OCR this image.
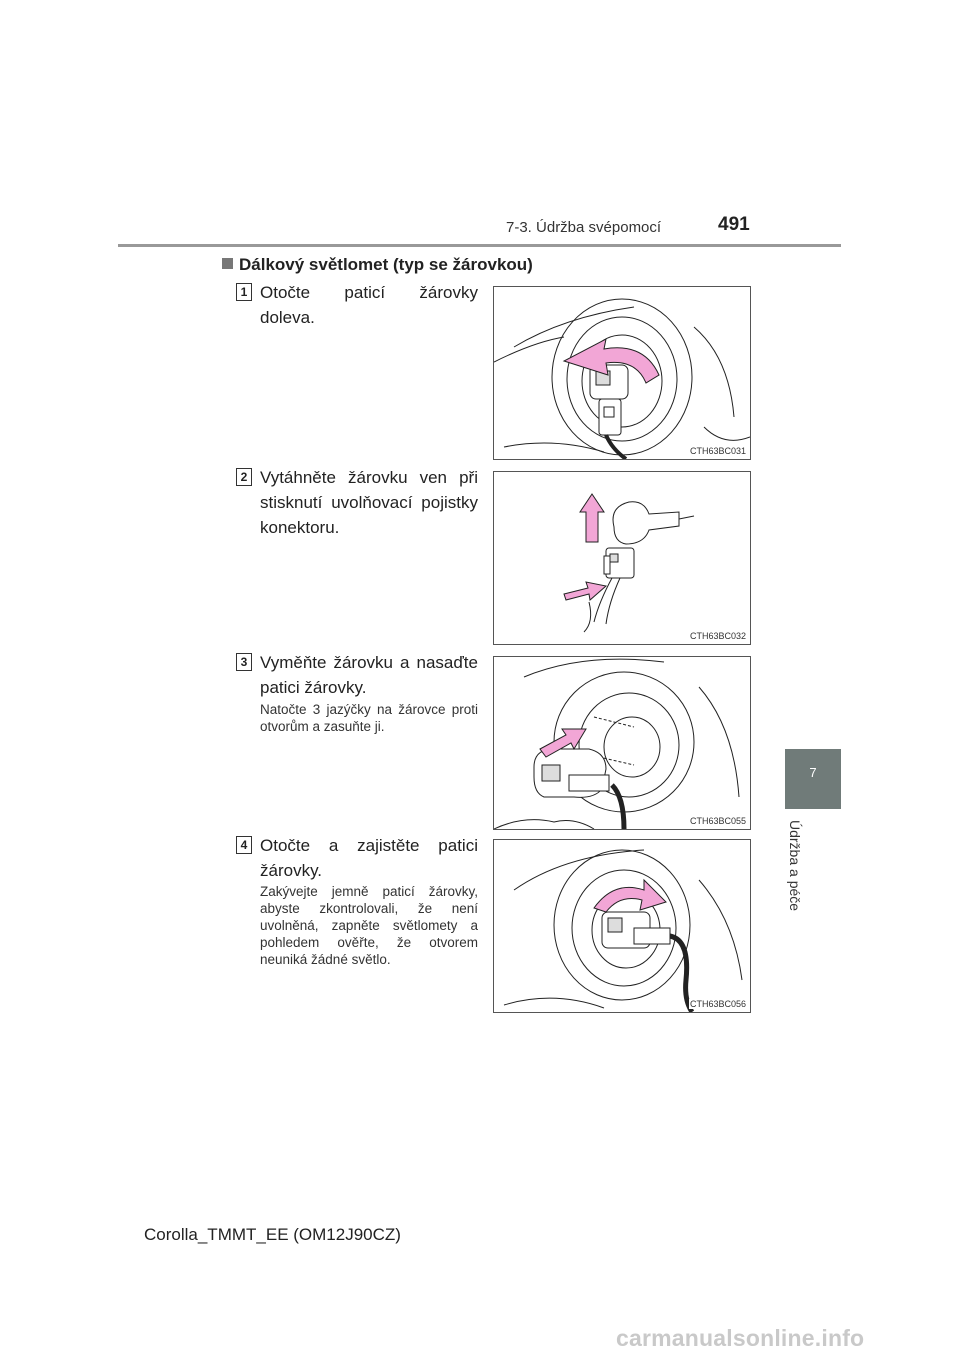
7-3. Údržba svépomocí	491
7
Údržba a péče
Dálkový světlomet (typ se žárovkou)
1 Otočte paticí žárovky doleva.
CTH63BC031
2 Vytáhněte žárovku ven při stisknutí uvolňovací pojistky konektoru.
CTH63BC032
3 Vyměňte žárovku a nasaďte patici žárovky.
Natočte 3 jazýčky na žárovce proti otvorům a zasuňte ji.
CTH63BC055
4 Otočte a zajistěte patici žárovky.
Zakývejte jemně paticí žárovky, abyste zkontrolovali, že není uvolněná, zapněte světlomety a pohledem ověřte, že otvorem neuniká žádné světlo.
CTH63BC056
Corolla_TMMT_EE (OM12J90CZ)
carmanualsonline.info
